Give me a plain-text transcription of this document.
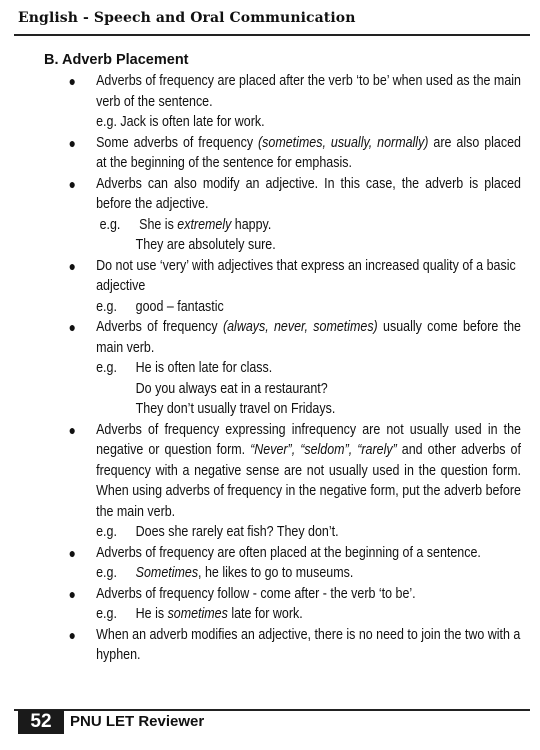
English - Speech and Oral Communication
B. Adverb Placement
● Adverbs of frequency are placed after the verb ‘to be’ when used as the main verb of the sentence.

e.g. Jack is often late for work.
● Some adverbs of frequency (sometimes, usually, normally) are also placed at the beginning of the sentence for emphasis.

● Adverbs can also modify an adjective. In this case, the adverb is placed before the adjective.

e.g. She is extremely happy.
They are absolutely sure.
● Do not use ‘very’ with adjectives that express an increased quality of a basic adjective

e.g. good – fantastic
● Adverbs of frequency (always, never, sometimes) usually come before the main verb.

e.g. He is often late for class.
Do you always eat in a restaurant?
They don’t usually travel on Fridays.
● Adverbs of frequency expressing infrequency are not usually used in the negative or question form. “Never”, “seldom”, “rarely” and other adverbs of frequency with a negative sense are not usually used in the question form. When using adverbs of frequency in the negative form, put the adverb before the main verb.

e.g. Does she rarely eat fish? They don’t.
● Adverbs of frequency are often placed at the beginning of a sentence.

e.g. Sometimes, he likes to go to museums.
● Adverbs of frequency follow - come after - the verb ‘to be’.

e.g. He is sometimes late for work.
● When an adverb modifies an adjective, there is no need to join the two with a hyphen.

52	PNU LET Reviewer
